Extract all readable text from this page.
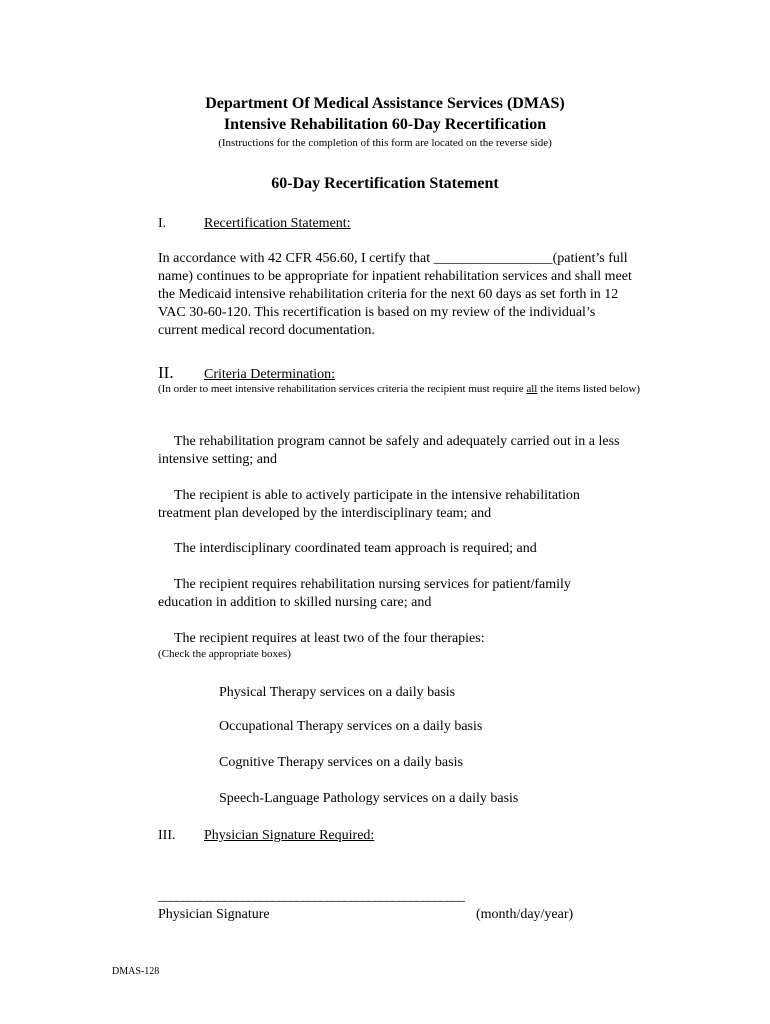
Department Of Medical Assistance Services (DMAS)
Intensive Rehabilitation 60-Day Recertification
(Instructions for the completion of this form are located on the reverse side)
60-Day Recertification Statement
I.	Recertification Statement:
In accordance with 42 CFR 456.60, I certify that _________________(patient’s full name) continues to be appropriate for inpatient rehabilitation services and shall meet the Medicaid intensive rehabilitation criteria for the next 60 days as set forth in 12 VAC 30-60-120. This recertification is based on my review of the individual’s current medical record documentation.
II. Criteria Determination:
(In order to meet intensive rehabilitation services criteria the recipient must require all the items listed below)
The rehabilitation program cannot be safely and adequately carried out in a less intensive setting; and
The recipient is able to actively participate in the intensive rehabilitation treatment plan developed by the interdisciplinary team; and
The interdisciplinary coordinated team approach is required; and
The recipient requires rehabilitation nursing services for patient/family education in addition to skilled nursing care; and
The recipient requires at least two of the four therapies:
(Check the appropriate boxes)
Physical Therapy services on a daily basis
Occupational Therapy services on a daily basis
Cognitive Therapy services on a daily basis
Speech-Language Pathology services on a daily basis
III. Physician Signature Required:
___________________________________________________
Physician Signature	(month/day/year)
DMAS-128
